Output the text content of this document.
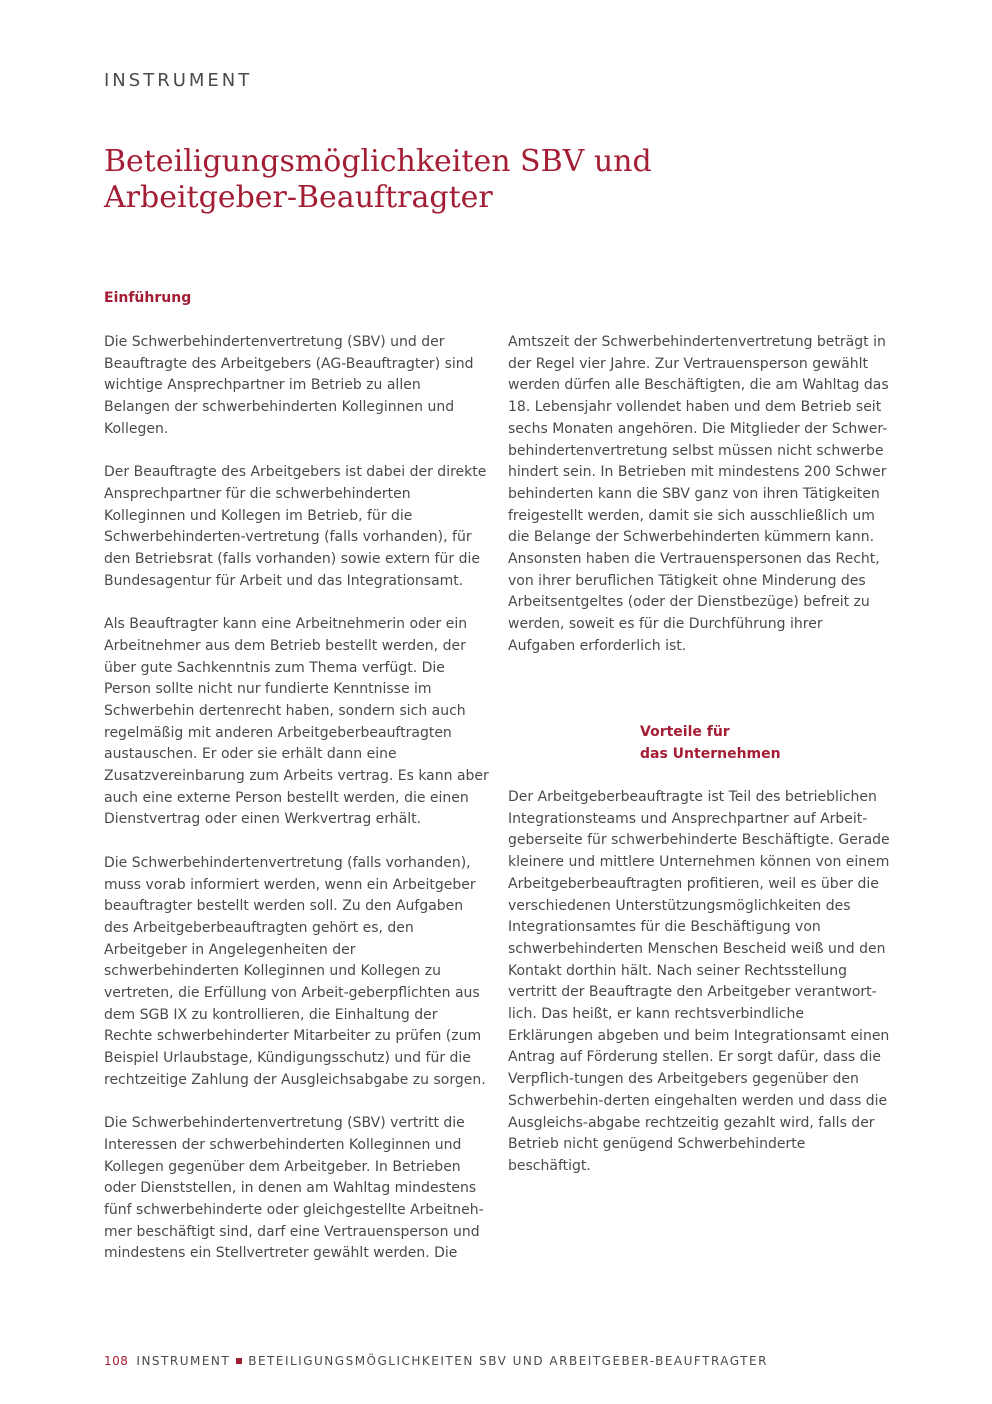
INSTRUMENT
Beteiligungsmöglichkeiten SBV und
Arbeitgeber-Beauftragter
Einführung

Die Schwerbehindertenvertretung (SBV) und der Beauftragte des Arbeitgebers (AG-Beauftragter) sind wichtige Ansprechpartner im Betrieb zu allen Belangen der schwerbehinderten Kolleginnen und Kollegen.

Der Beauftragte des Arbeitgebers ist dabei der direkte Ansprechpartner für die schwerbehinderten Kolleginnen und Kollegen im Betrieb, für die Schwerbehinderten-vertretung (falls vorhanden), für den Betriebsrat (falls vorhanden) sowie extern für die Bundesagentur für Arbeit und das Integrationsamt.

Als Beauftragter kann eine Arbeitnehmerin oder ein Arbeitnehmer aus dem Betrieb bestellt werden, der über gute Sachkenntnis zum Thema verfügt. Die Person sollte nicht nur fundierte Kenntnisse im Schwerbehin dertenrecht haben, sondern sich auch regelmäßig mit anderen Arbeitgeberbeauftragten austauschen. Er oder sie erhält dann eine Zusatzvereinbarung zum Arbeits vertrag. Es kann aber auch eine externe Person bestellt werden, die einen Dienstvertrag oder einen Werkvertrag erhält.

Die Schwerbehindertenvertretung (falls vorhanden), muss vorab informiert werden, wenn ein Arbeitgeber beauftragter bestellt werden soll. Zu den Aufgaben des Arbeitgeberbeauftragten gehört es, den Arbeitgeber in Angelegenheiten der schwerbehinderten Kolleginnen und Kollegen zu vertreten, die Erfüllung von Arbeit-geberpflichten aus dem SGB IX zu kontrollieren, die Einhaltung der Rechte schwerbehinderter Mitarbeiter zu prüfen (zum Beispiel Urlaubstage, Kündigungsschutz) und für die rechtzeitige Zahlung der Ausgleichsabgabe zu sorgen.

Die Schwerbehindertenvertretung (SBV) vertritt die Interessen der schwerbehinderten Kolleginnen und Kollegen gegenüber dem Arbeitgeber. In Betrieben oder Dienststellen, in denen am Wahltag mindestens fünf schwerbehinderte oder gleichgestellte Arbeitneh-mer beschäftigt sind, darf eine Vertrauensperson und mindestens ein Stellvertreter gewählt werden. Die

Amtszeit der Schwerbehindertenvertretung beträgt in der Regel vier Jahre. Zur Vertrauensperson gewählt werden dürfen alle Beschäftigten, die am Wahltag das 18. Lebensjahr vollendet haben und dem Betrieb seit sechs Monaten angehören. Die Mitglieder der Schwer-behindertenvertretung selbst müssen nicht schwerbe hindert sein. In Betrieben mit mindestens 200 Schwer behinderten kann die SBV ganz von ihren Tätigkeiten freigestellt werden, damit sie sich ausschließlich um die Belange der Schwerbehinderten kümmern kann. Ansonsten haben die Vertrauenspersonen das Recht, von ihrer beruflichen Tätigkeit ohne Minderung des Arbeitsentgeltes (oder der Dienstbezüge) befreit zu werden, soweit es für die Durchführung ihrer Aufgaben erforderlich ist.

Vorteile für
das Unternehmen

Der Arbeitgeberbeauftragte ist Teil des betrieblichen Integrationsteams und Ansprechpartner auf Arbeit-geberseite für schwerbehinderte Beschäftigte. Gerade kleinere und mittlere Unternehmen können von einem Arbeitgeberbeauftragten profitieren, weil es über die verschiedenen Unterstützungsmöglichkeiten des Integrationsamtes für die Beschäftigung von schwerbehinderten Menschen Bescheid weiß und den Kontakt dorthin hält. Nach seiner Rechtsstellung vertritt der Beauftragte den Arbeitgeber verantwort-lich. Das heißt, er kann rechtsverbindliche Erklärungen abgeben und beim Integrationsamt einen Antrag auf Förderung stellen. Er sorgt dafür, dass die Verpflich-tungen des Arbeitgebers gegenüber den Schwerbehin-derten eingehalten werden und dass die Ausgleichs-abgabe rechtzeitig gezahlt wird, falls der Betrieb nicht genügend Schwerbehinderte beschäftigt.

108 INSTRUMENT BETEILIGUNGSMÖGLICHKEITEN SBV UND ARBEITGEBER-BEAUFTRAGTER
